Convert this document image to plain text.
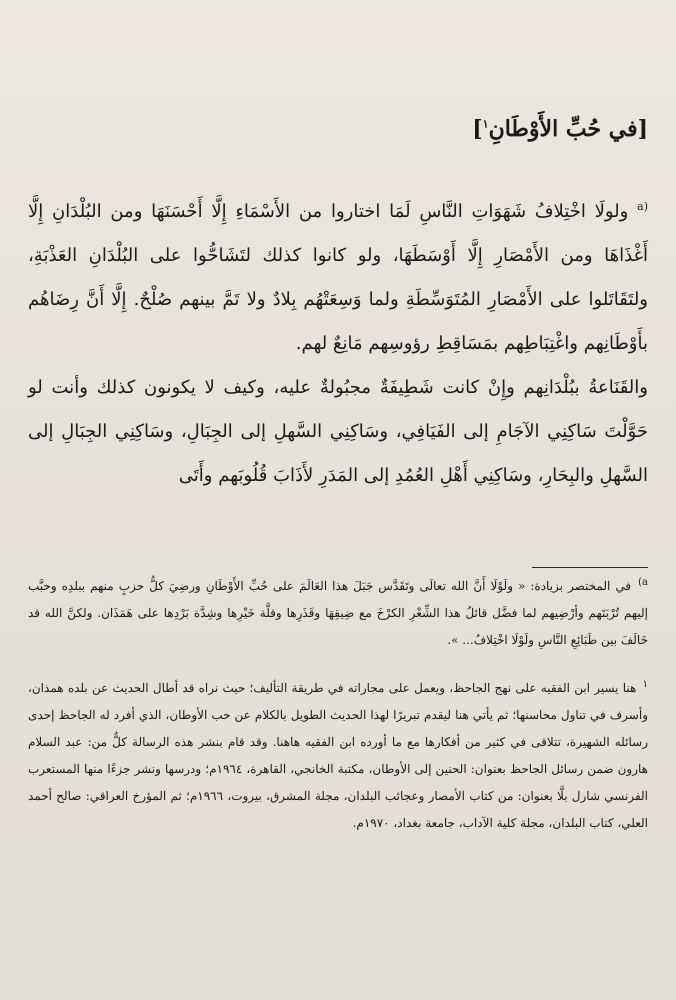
[في حُبِّ الأَوْطَانِ$^١$]

$^{(a}$ ولولَا اخْتِلافُ شَهَوَاتِ النَّاسِ لَمَا اختاروا من الأَسْمَاءِ إِلَّا أَحْسَنَهَا ومن البُلْدَانِ إِلَّا أَغْذَاهَا ومن الأَمْصَارِ إِلَّا أَوْسَطَهَا، ولو كانوا كذلك لتَشَاحُّوا على البُلْدَانِ العَذْبَةِ، ولتَقَاتَلوا على الأَمْصَارِ المُتَوَسِّطَةِ ولما وَسِعَتْهُم بِلادٌ ولا تَمَّ بينهم صُلْحٌ. إِلَّا أَنَّ رِضَاهُم بأَوْطَانِهم واغْتِبَاطِهم بمَسَاقِطِ رؤوسِهم مَانِعٌ لهم.

والقَنَاعةُ ببُلْدَانِهم وإِنْ كانت شَطِيفَةٌ مجبُولةٌ عليه، وكيف لا يكونون كذلك وأنت لو حَوَّلْتَ سَاكِنِي الآجَامِ إلى الفَيَافِي، وسَاكِنِي السَّهلِ إلى الجِبَالِ، وسَاكِنِي الجِبَالِ إلى السَّهلِ والبِحَارِ، وسَاكِنِي أَهْلِ العُمُدِ إلى المَدَرِ لأَذَابَ قُلُوبَهم وأَتَى

$^{a)}$ في المختصر بزيادة: « ولَوْلَا أَنَّ الله تعالَى وتَقَدَّس جَبَلَ هذا العَالَمَ على حُبِّ الأَوْطَانِ ورضِيَ كلُّ حزبٍ منهم ببلدِه وحبَّب إليهم تُرْبَتَهم وأرْضِيهم لما فضَّل قائلُ هذا الشِّعْرِ الكرْخَ مع ضِيقِهَا وقَذَرِها وقلَّة خَيْرِها وشِدَّة بَرْدِها على هَمَذَان. ولكنَّ الله قد خَالَفَ بين طَبَائِعِ النَّاسِ ولَوْلَا اخْتِلافُ... ».

$^١$ هنا يسير ابن الفقيه على نهج الجاحظ، ويعمل على مجاراته في طريقة التأليف؛ حيث نراه قد أطال الحديث عن بلده همذان، وأسرف في تناول محاسنها؛ ثم يأتي هنا ليقدم تبريرًا لهذا الحديث الطويل بالكلام عن حب الأوطان، الذي أفرد له الجاحظ إحدى رسائله الشهيرة، تتلاقى في كثير من أفكارها مع ما أورده ابن الفقيه هاهنا. وقد قام بنشر هذه الرسالة كلٌّ من: عبد السلام هارون ضمن رسائل الجاحظ بعنوان: الحنين إلى الأوطان، مكتبة الخانجي، القاهرة، ١٩٦٤م؛ ودرسها ونشر جزءًا منها المستعرب الفرنسي شارل بلَّا بعنوان: من كتاب الأمصار وعجائب البلدان، مجلة المشرق، بيروت، ١٩٦٦م؛ ثم المؤرخ العراقي: صالح أحمد العلي، كتاب البلدان، مجلة كلية الآداب، جامعة بغداد، ١٩٧٠م.
